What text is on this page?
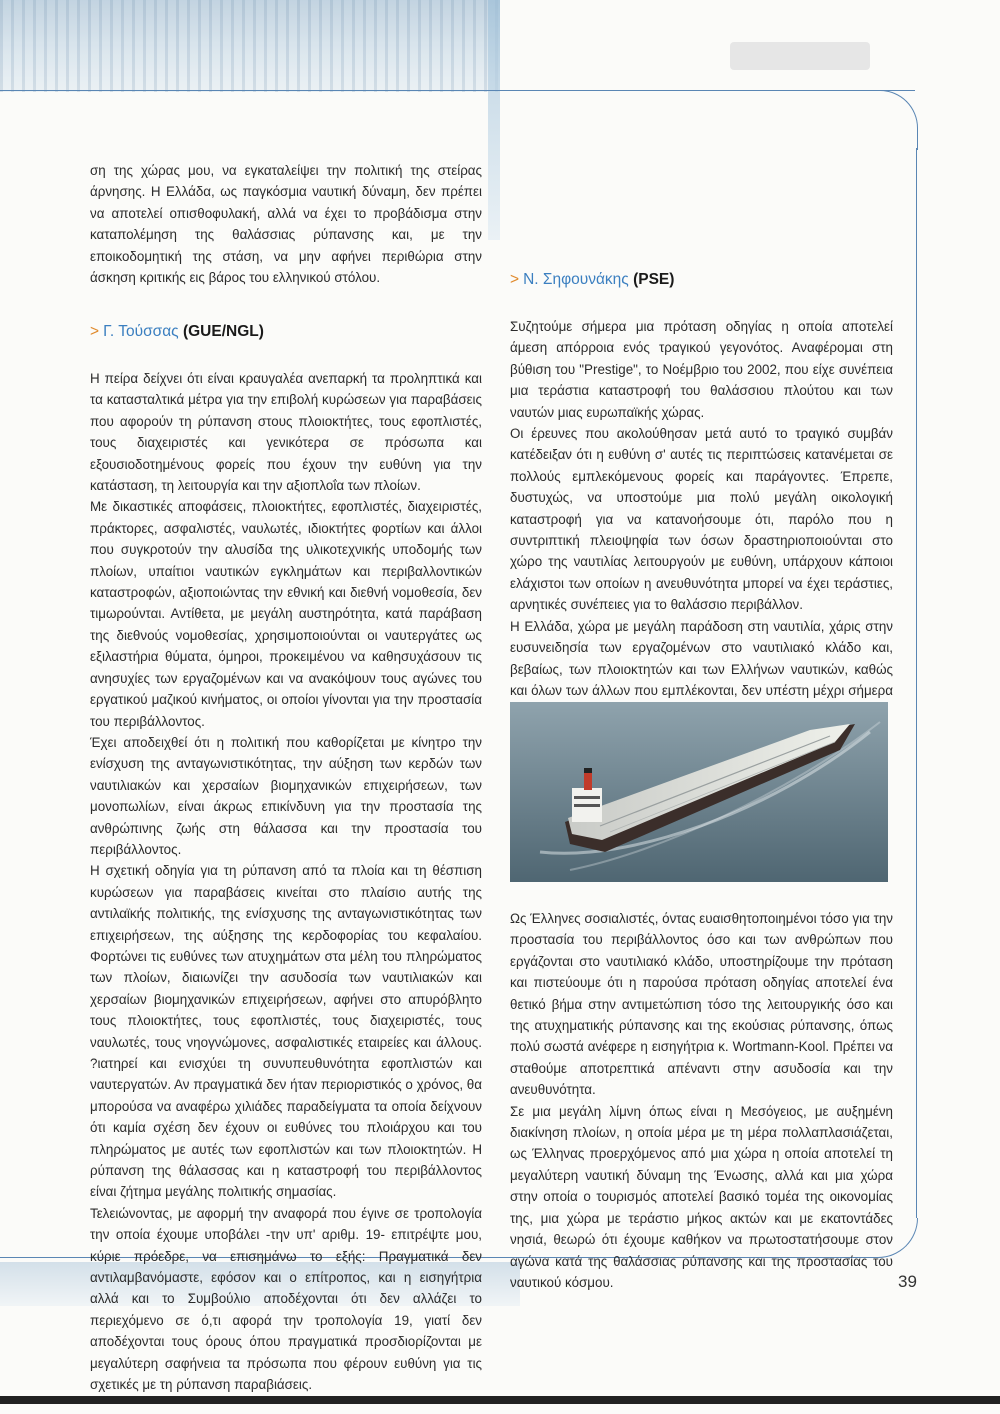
ση της χώρας μου, να εγκαταλείψει την πολιτική της στείρας άρνησης. Η Ελλάδα, ως παγκόσμια ναυτική δύναμη, δεν πρέπει να αποτελεί οπισθοφυλακή, αλλά να έχει το προβάδισμα στην καταπολέμηση της θαλάσσιας ρύπανσης και, με την εποικοδομητική της στάση, να μην αφήνει περιθώρια στην άσκηση κριτικής εις βάρος του ελληνικού στόλου.

> Γ. Τούσσας (GUE/NGL)

Η πείρα δείχνει ότι είναι κραυγαλέα ανεπαρκή τα προληπτικά και τα κατασταλτικά μέτρα για την επιβολή κυρώσεων για παραβάσεις που αφορούν τη ρύπανση στους πλοιοκτήτες, τους εφοπλιστές, τους διαχειριστές και γενικότερα σε πρόσωπα και εξουσιοδοτημένους φορείς που έχουν την ευθύνη για την κατάσταση, τη λειτουργία και την αξιοπλοΐα των πλοίων.

Με δικαστικές αποφάσεις, πλοιοκτήτες, εφοπλιστές, διαχειριστές, πράκτορες, ασφαλιστές, ναυλωτές, ιδιοκτήτες φορτίων και άλλοι που συγκροτούν την αλυσίδα της υλικοτεχνικής υποδομής των πλοίων, υπαίτιοι ναυτικών εγκλημάτων και περιβαλλοντικών καταστροφών, αξιοποιώντας την εθνική και διεθνή νομοθεσία, δεν τιμωρούνται. Αντίθετα, με μεγάλη αυστηρότητα, κατά παράβαση της διεθνούς νομοθεσίας, χρησιμοποιούνται οι ναυτεργάτες ως εξιλαστήρια θύματα, όμηροι, προκειμένου να καθησυχάσουν τις ανησυχίες των εργαζομένων και να ανακόψουν τους αγώνες του εργατικού μαζικού κινήματος, οι οποίοι γίνονται για την προστασία του περιβάλλοντος.

Έχει αποδειχθεί ότι η πολιτική που καθορίζεται με κίνητρο την ενίσχυση της ανταγωνιστικότητας, την αύξηση των κερδών των ναυτιλιακών και χερσαίων βιομηχανικών επιχειρήσεων, των μονοπωλίων, είναι άκρως επικίνδυνη για την προστασία της ανθρώπινης ζωής στη θάλασσα και την προστασία του περιβάλλοντος.

Η σχετική οδηγία για τη ρύπανση από τα πλοία και τη θέσπιση κυρώσεων για παραβάσεις κινείται στο πλαίσιο αυτής της αντιλαϊκής πολιτικής, της ενίσχυσης της ανταγωνιστικότητας των επιχειρήσεων, της αύξησης της κερδοφορίας του κεφαλαίου. Φορτώνει τις ευθύνες των ατυχημάτων στα μέλη του πληρώματος των πλοίων, διαιωνίζει την ασυδοσία των ναυτιλιακών και χερσαίων βιομηχανικών επιχειρήσεων, αφήνει στο απυρόβλητο τους πλοιοκτήτες, τους εφοπλιστές, τους διαχειριστές, τους ναυλωτές, τους νηογνώμονες, ασφαλιστικές εταιρείες και άλλους. ?ιατηρεί και ενισχύει τη συνυπευθυνότητα εφοπλιστών και ναυτεργατών. Αν πραγματικά δεν ήταν περιοριστικός ο χρόνος, θα μπορούσα να αναφέρω χιλιάδες παραδείγματα τα οποία δείχνουν ότι καμία σχέση δεν έχουν οι ευθύνες του πλοιάρχου και του πληρώματος με αυτές των εφοπλιστών και των πλοιοκτητών. Η ρύπανση της θάλασσας και η καταστροφή του περιβάλλοντος είναι ζήτημα μεγάλης πολιτικής σημασίας.

Τελειώνοντας, με αφορμή την αναφορά που έγινε σε τροπολογία την οποία έχουμε υποβάλει -την υπ' αριθμ. 19- επιτρέψτε μου, κύριε πρόεδρε, να επισημάνω το εξής: Πραγματικά δεν αντιλαμβανόμαστε, εφόσον και ο επίτροπος, και η εισηγήτρια αλλά και το Συμβούλιο αποδέχονται ότι δεν αλλάζει το περιεχόμενο σε ό,τι αφορά την τροπολογία 19, γιατί δεν αποδέχονται τους όρους όπου πραγματικά προσδιορίζονται με μεγαλύτερη σαφήνεια τα πρόσωπα που φέρουν ευθύνη για τις σχετικές με τη ρύπανση παραβιάσεις.

> Ν. Σηφουνάκης (PSE)

Συζητούμε σήμερα μια πρόταση οδηγίας η οποία αποτελεί άμεση απόρροια ενός τραγικού γεγονότος. Αναφέρομαι στη βύθιση του "Prestige", το Νοέμβριο του 2002, που είχε συνέπεια μια τεράστια καταστροφή του θαλάσσιου πλούτου και των ναυτών μιας ευρωπαϊκής χώρας.

Οι έρευνες που ακολούθησαν μετά αυτό το τραγικό συμβάν κατέδειξαν ότι η ευθύνη σ' αυτές τις περιπτώσεις κατανέμεται σε πολλούς εμπλεκόμενους φορείς και παράγοντες. Έπρεπε, δυστυχώς, να υποστούμε μια πολύ μεγάλη οικολογική καταστροφή για να κατανοήσουμε ότι, παρόλο που η συντριπτική πλειοψηφία των όσων δραστηριοποιούνται στο χώρο της ναυτιλίας λειτουργούν με ευθύνη, υπάρχουν κάποιοι ελάχιστοι των οποίων η ανευθυνότητα μπορεί να έχει τεράστιες, αρνητικές συνέπειες για το θαλάσσιο περιβάλλον.

Η Ελλάδα, χώρα με μεγάλη παράδοση στη ναυτιλία, χάρις στην ευσυνειδησία των εργαζομένων στο ναυτιλιακό κλάδο και, βεβαίως, των πλοιοκτητών και των Ελλήνων ναυτικών, καθώς και όλων των άλλων που εμπλέκονται, δεν υπέστη μέχρι σήμερα

Ως Έλληνες σοσιαλιστές, όντας ευαισθητοποιημένοι τόσο για την προστασία του περιβάλλοντος όσο και των ανθρώπων που εργάζονται στο ναυτιλιακό κλάδο, υποστηρίζουμε την πρόταση και πιστεύουμε ότι η παρούσα πρόταση οδηγίας αποτελεί ένα θετικό βήμα στην αντιμετώπιση τόσο της λειτουργικής όσο και της ατυχηματικής ρύπανσης και της εκούσιας ρύπανσης, όπως πολύ σωστά ανέφερε η εισηγήτρια κ. Wortmann-Kool. Πρέπει να σταθούμε αποτρεπτικά απέναντι στην ασυδοσία και την ανευθυνότητα.

Σε μια μεγάλη λίμνη όπως είναι η Μεσόγειος, με αυξημένη διακίνηση πλοίων, η οποία μέρα με τη μέρα πολλαπλασιάζεται, ως Έλληνας προερχόμενος από μια χώρα η οποία αποτελεί τη μεγαλύτερη ναυτική δύναμη της Ένωσης, αλλά και μια χώρα στην οποία ο τουρισμός αποτελεί βασικό τομέα της οικονομίας της, μια χώρα με τεράστιο μήκος ακτών και με εκατοντάδες νησιά, θεωρώ ότι έχουμε καθήκον να πρωτοστατήσουμε στον αγώνα κατά της θαλάσσιας ρύπανσης και της προστασίας του ναυτικού κόσμου.	39
